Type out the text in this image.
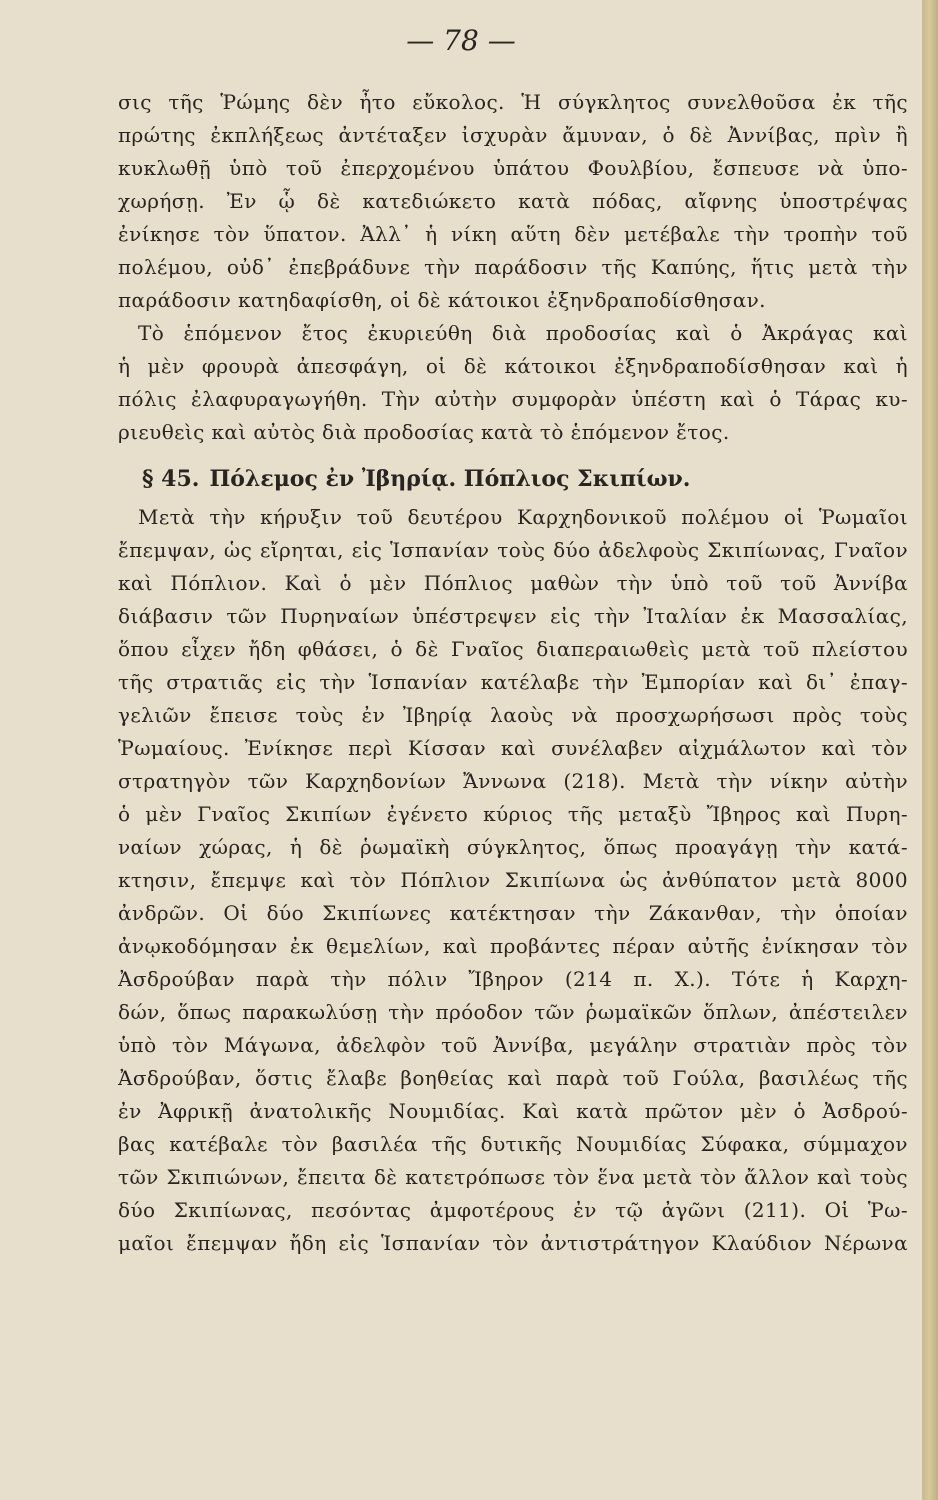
— 78 —
σις τῆς Ῥώμης δὲν ἦτο εὔκολος. Ἡ σύγκλητος συνελθοῦσα ἐκ τῆς
πρώτης ἐκπλήξεως ἀντέταξεν ἰσχυρὰν ἄμυναν, ὁ δὲ Ἀννίβας, πρὶν ἢ
κυκλωθῇ ὑπὸ τοῦ ἐπερχομένου ὑπάτου Φουλβίου, ἔσπευσε νὰ ὑπο-
χωρήσῃ. Ἐν ᾧ δὲ κατεδιώκετο κατὰ πόδας, αἴφνης ὑποστρέψας
ἐνίκησε τὸν ὕπατον. Ἀλλ᾿ ἡ νίκη αὕτη δὲν μετέβαλε τὴν τροπὴν τοῦ
πολέμου, οὐδ᾿ ἐπεβράδυνε τὴν παράδοσιν τῆς Καπύης, ἥτις μετὰ τὴν
παράδοσιν κατηδαφίσθη, οἱ δὲ κάτοικοι ἐξηνδραποδίσθησαν.
Τὸ ἑπόμενον ἔτος ἐκυριεύθη διὰ προδοσίας καὶ ὁ Ἀκράγας καὶ
ἡ μὲν φρουρὰ ἀπεσφάγη, οἱ δὲ κάτοικοι ἐξηνδραποδίσθησαν καὶ ἡ
πόλις ἐλαφυραγωγήθη. Τὴν αὐτὴν συμφορὰν ὑπέστη καὶ ὁ Τάρας κυ-
ριευθεὶς καὶ αὐτὸς διὰ προδοσίας κατὰ τὸ ἑπόμενον ἔτος.
§ 45. Πόλεμος ἐν Ἰβηρίᾳ. Πόπλιος Σκιπίων.
Μετὰ τὴν κήρυξιν τοῦ δευτέρου Καρχηδονικοῦ πολέμου οἱ Ῥωμαῖοι
ἔπεμψαν, ὡς εἴρηται, εἰς Ἱσπανίαν τοὺς δύο ἀδελφοὺς Σκιπίωνας, Γναῖον
καὶ Πόπλιον. Καὶ ὁ μὲν Πόπλιος μαθὼν τὴν ὑπὸ τοῦ τοῦ Ἀννίβα
διάβασιν τῶν Πυρηναίων ὑπέστρεψεν εἰς τὴν Ἰταλίαν ἐκ Μασσαλίας,
ὅπου εἶχεν ἤδη φθάσει, ὁ δὲ Γναῖος διαπεραιωθεὶς μετὰ τοῦ πλείστου
τῆς στρατιᾶς εἰς τὴν Ἱσπανίαν κατέλαβε τὴν Ἐμπορίαν καὶ δι᾿ ἐπαγ-
γελιῶν ἔπεισε τοὺς ἐν Ἰβηρίᾳ λαοὺς νὰ προσχωρήσωσι πρὸς τοὺς
Ῥωμαίους. Ἐνίκησε περὶ Κίσσαν καὶ συνέλαβεν αἰχμάλωτον καὶ τὸν
στρατηγὸν τῶν Καρχηδονίων Ἄννωνα (218). Μετὰ τὴν νίκην αὐτὴν
ὁ μὲν Γναῖος Σκιπίων ἐγένετο κύριος τῆς μεταξὺ Ἴβηρος καὶ Πυρη-
ναίων χώρας, ἡ δὲ ῥωμαϊκὴ σύγκλητος, ὅπως προαγάγῃ τὴν κατά-
κτησιν, ἔπεμψε καὶ τὸν Πόπλιον Σκιπίωνα ὡς ἀνθύπατον μετὰ 8000
ἀνδρῶν. Οἱ δύο Σκιπίωνες κατέκτησαν τὴν Ζάκανθαν, τὴν ὁποίαν
ἀνῳκοδόμησαν ἐκ θεμελίων, καὶ προβάντες πέραν αὐτῆς ἐνίκησαν τὸν
Ἀσδρούβαν παρὰ τὴν πόλιν Ἴβηρον (214 π. Χ.). Τότε ἡ Καρχη-
δών, ὅπως παρακωλύσῃ τὴν πρόοδον τῶν ῥωμαϊκῶν ὅπλων, ἀπέστειλεν
ὑπὸ τὸν Μάγωνα, ἀδελφὸν τοῦ Ἀννίβα, μεγάλην στρατιὰν πρὸς τὸν
Ἀσδρούβαν, ὅστις ἔλαβε βοηθείας καὶ παρὰ τοῦ Γούλα, βασιλέως τῆς
ἐν Ἀφρικῇ ἀνατολικῆς Νουμιδίας. Καὶ κατὰ πρῶτον μὲν ὁ Ἀσδρού-
βας κατέβαλε τὸν βασιλέα τῆς δυτικῆς Νουμιδίας Σύφακα, σύμμαχον
τῶν Σκιπιώνων, ἔπειτα δὲ κατετρόπωσε τὸν ἕνα μετὰ τὸν ἄλλον καὶ τοὺς
δύο Σκιπίωνας, πεσόντας ἀμφοτέρους ἐν τῷ ἀγῶνι (211). Οἱ Ῥω-
μαῖοι ἔπεμψαν ἤδη εἰς Ἱσπανίαν τὸν ἀντιστράτηγον Κλαύδιον Νέρωνα
